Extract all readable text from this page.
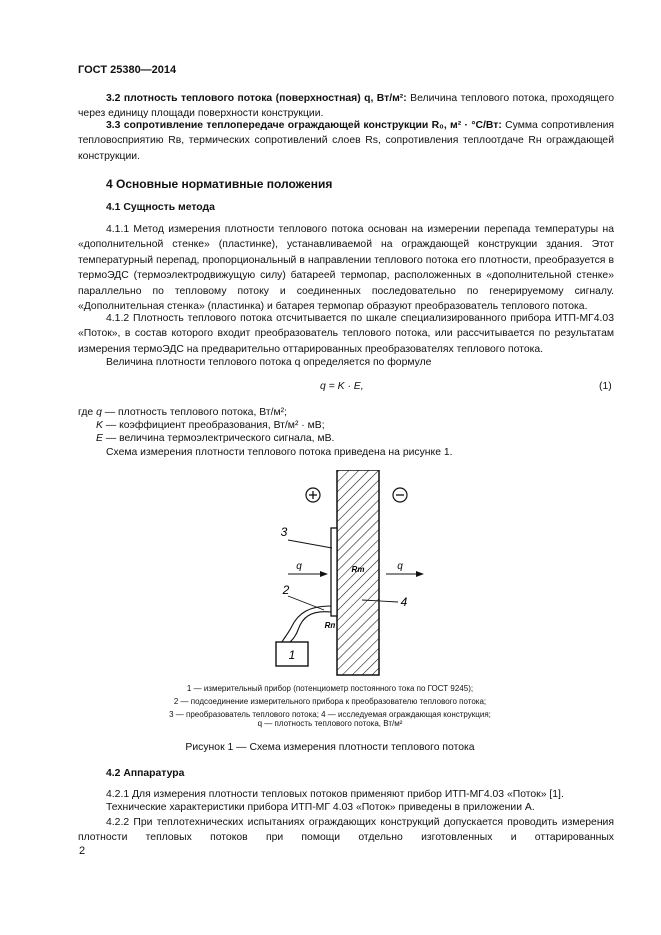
ГОСТ 25380—2014
3.2 плотность теплового потока (поверхностная) q, Вт/м²: Величина теплового потока, проходящего через единицу площади поверхности конструкции.
3.3 сопротивление теплопередаче ограждающей конструкции R₀, м² · °С/Вт: Сумма сопротивления тепловосприятию Rв, термических сопротивлений слоев Rs, сопротивления теплоотдаче Rн ограждающей конструкции.
4 Основные нормативные положения
4.1 Сущность метода
4.1.1 Метод измерения плотности теплового потока основан на измерении перепада температуры на «дополнительной стенке» (пластинке), устанавливаемой на ограждающей конструкции здания. Этот температурный перепад, пропорциональный в направлении теплового потока его плотности, преобразуется в термоЭДС (термоэлектродвижущую силу) батареей термопар, расположенных в «дополнительной стенке» параллельно по тепловому потоку и соединенных последовательно по генерируемому сигналу. «Дополнительная стенка» (пластинка) и батарея термопар образуют преобразователь теплового потока.
4.1.2 Плотность теплового потока отсчитывается по шкале специализированного прибора ИТП-МГ4.03 «Поток», в состав которого входит преобразователь теплового потока, или рассчитывается по результатам измерения термоЭДС на предварительно оттарированных преобразователях теплового потока.
Величина плотности теплового потока q определяется по формуле
q = K · E,	(1)
где q — плотность теплового потока, Вт/м²;
K — коэффициент преобразования, Вт/м² · мВ;
E — величина термоэлектрического сигнала, мВ.
Схема измерения плотности теплового потока приведена на рисунке 1.
3
2
4
1
q	q
Rт
Rп
1 — измерительный прибор (потенциометр постоянного тока по ГОСТ 9245);
2 — подсоединение измерительного прибора к преобразователю теплового потока;
3 — преобразователь теплового потока; 4 — исследуемая ограждающая конструкция;
q — плотность теплового потока, Вт/м²
Рисунок 1 — Схема измерения плотности теплового потока
4.2 Аппаратура
4.2.1 Для измерения плотности тепловых потоков применяют прибор ИТП-МГ4.03 «Поток» [1].
Технические характеристики прибора ИТП-МГ 4.03 «Поток» приведены в приложении А.
4.2.2 При теплотехнических испытаниях ограждающих конструкций допускается проводить измерения плотности тепловых потоков при помощи отдельно изготовленных и оттарированных
2
